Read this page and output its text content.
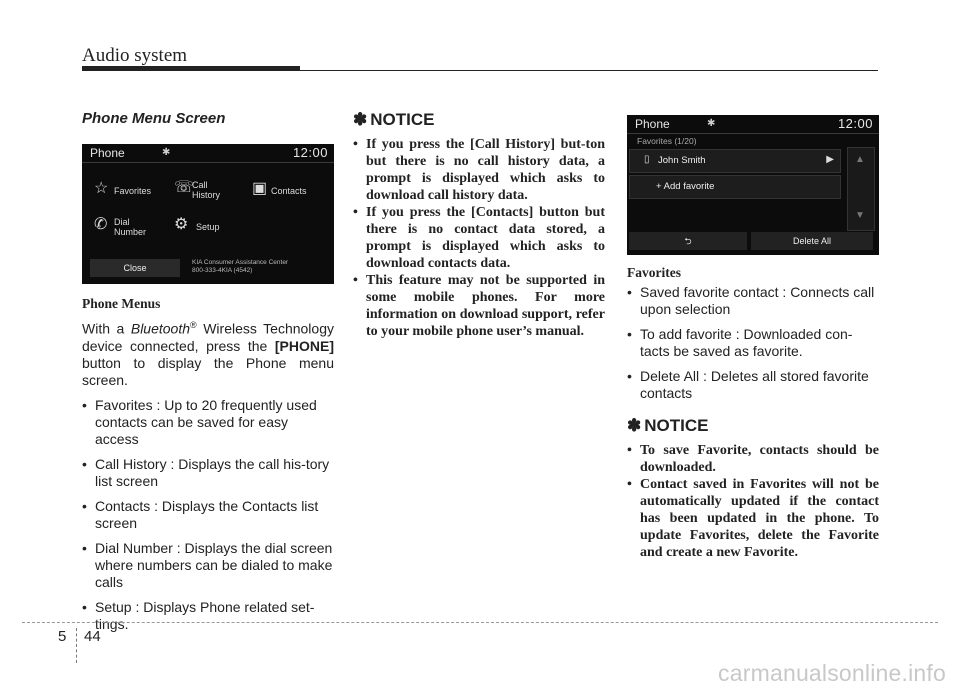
Audio system
Phone Menu Screen
Phone	✱	12:00
☆ Favorites ☏
Call
History ▣ Contacts
✆ Dial
Number ⚙ Setup
Close
KIA Consumer Assistance Center
800-333-4KIA (4542)

Phone Menus

With a Bluetooth® Wireless Technology device connected, press the [PHONE] button to display the Phone menu screen.

• Favorites : Up to 20 frequently used contacts can be saved for easy access
• Call History : Displays the call his-tory list screen
• Contacts : Displays the Contacts list screen
• Dial Number : Displays the dial screen where numbers can be dialed to make calls
• Setup : Displays Phone related set-tings.
✽ NOTICE
• If you press the [Call History] but-ton but there is no call history data, a prompt is displayed which asks to download call history data.
• If you press the [Contacts] button but there is no contact data stored, a prompt is displayed which asks to download contacts data.
• This feature may not be supported in some mobile phones. For more information on download support, refer to your mobile phone user’s manual.
Phone	✱	12:00
Favorites (1/20)
▯ John Smith	▶
+ Add favorite
▲
▼
⮌	Delete All

Favorites

• Saved favorite contact : Connects call upon selection
• To add favorite : Downloaded con-tacts be saved as favorite.
• Delete All : Deletes all stored favorite contacts
✽ NOTICE
• To save Favorite, contacts should be downloaded.
• Contact saved in Favorites will not be automatically updated if the contact has been updated in the phone. To update Favorites, delete the Favorite and create a new Favorite.
5 44
carmanualsonline.info
